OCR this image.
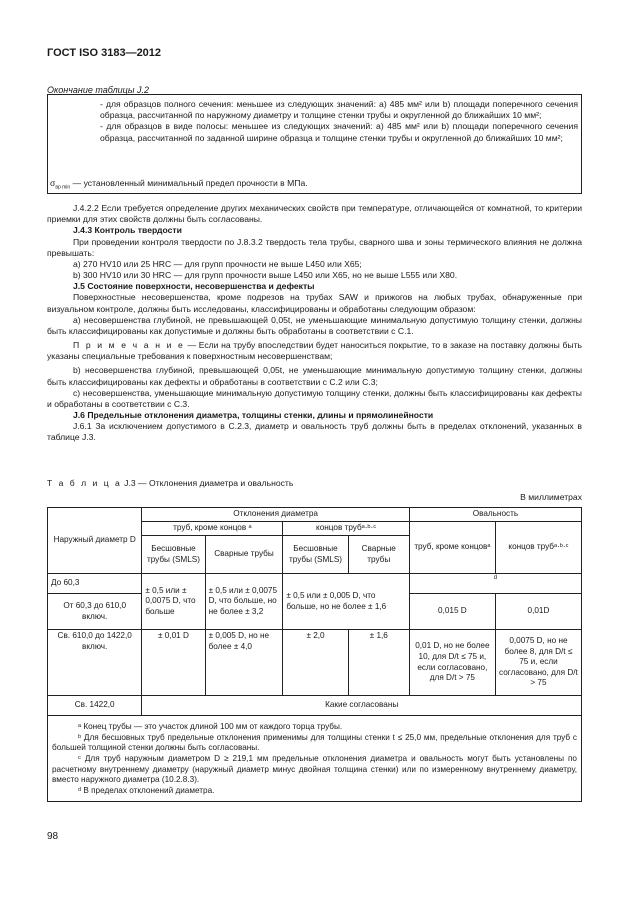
ГОСТ ISO 3183—2012
Окончание таблицы J.2

- для образцов полного сечения: меньшее из следующих значений: а) 485 мм² или b) площади поперечного сечения образца, рассчитанной по наружному диаметру и толщине стенки трубы и округленной до ближайших 10 мм²;

- для образцов в виде полосы: меньшее из следующих значений: а) 485 мм² или b) площади поперечного сечения образца, рассчитанной по заданной ширине образца и толщине стенки трубы и округленной до ближайших 10 мм²;

$\sigma_{вр min}$ — установленный минимальный предел прочности в МПа.

J.4.2.2 Если требуется определение других механических свойств при температуре, отличающейся от комнатной, то критерии приемки для этих свойств должны быть согласованы.

J.4.3 Контроль твердости

При проведении контроля твердости по J.8.3.2 твердость тела трубы, сварного шва и зоны термического влияния не должна превышать:

a) 270 HV10 или 25 HRC — для групп прочности не выше L450 или X65;

b) 300 HV10 или 30 HRC — для групп прочности выше L450 или X65, но не выше L555 или X80.

J.5 Состояние поверхности, несовершенства и дефекты

Поверхностные несовершенства, кроме подрезов на трубах SAW и прижогов на любых трубах, обнаруженные при визуальном контроле, должны быть исследованы, классифицированы и обработаны следующим образом:

a) несовершенства глубиной, не превышающей 0,05t, не уменьшающие минимальную допустимую толщину стенки, должны быть классифицированы как допустимые и должны быть обработаны в соответствии с C.1.

П р и м е ч а н и е — Если на трубу впоследствии будет наноситься покрытие, то в заказе на поставку должны быть указаны специальные требования к поверхностным несовершенствам;

b) несовершенства глубиной, превышающей 0,05t, не уменьшающие минимальную допустимую толщину стенки, должны быть классифицированы как дефекты и обработаны в соответствии с C.2 или C.3;

c) несовершенства, уменьшающие минимальную допустимую толщину стенки, должны быть классифицированы как дефекты и обработаны в соответствии с C.3.

J.6 Предельные отклонения диаметра, толщины стенки, длины и прямолинейности

J.6.1 За исключением допустимого в C.2.3, диаметр и овальность труб должны быть в пределах отклонений, указанных в таблице J.3.

Т а б л и ц а J.3 — Отклонения диаметра и овальность
В миллиметрах
Наружный диаметр D	Отклонения диаметра				Овальность	
	труб, кроме концов ᵃ		концов трубᵃ·ᵇ·ᶜ		труб, кроме концовᵃ	концов трубᵃ·ᵇ·ᶜ
	Бесшовные трубы (SMLS)	Сварные трубы	Бесшовные трубы (SMLS)	Сварные трубы		
До 60,3	± 0,5 или ± 0,0075 D, что больше	± 0,5 или ± 0,0075 D, что больше, но не более ± 3,2	± 0,5 или ± 0,005 D, что больше, но не более ± 1,6		d	
От 60,3 до 610,0 включ.					0,015 D	0,01D
Св. 610,0 до 1422,0 включ.	± 0,01 D	± 0,005 D, но не более ± 4,0	± 2,0	± 1,6	0,01 D, но не более 10, для D/t ≤ 75 и, если согласовано, для D/t > 75	0,0075 D, но не более 8, для D/t ≤ 75 и, если согласовано, для D/t > 75
Св. 1422,0	Какие согласованы					

ᵃ Конец трубы — это участок длиной 100 мм от каждого торца трубы.

ᵇ Для бесшовных труб предельные отклонения применимы для толщины стенки t ≤ 25,0 мм, предельные отклонения для труб с большей толщиной стенки должны быть согласованы.

ᶜ Для труб наружным диаметром D ≥ 219,1 мм предельные отклонения диаметра и овальность могут быть установлены по расчетному внутреннему диаметру (наружный диаметр минус двойная толщина стенки) или по измеренному внутреннему диаметру, вместо наружного диаметра (10.2.8.3).

ᵈ В пределах отклонений диаметра.						

98
